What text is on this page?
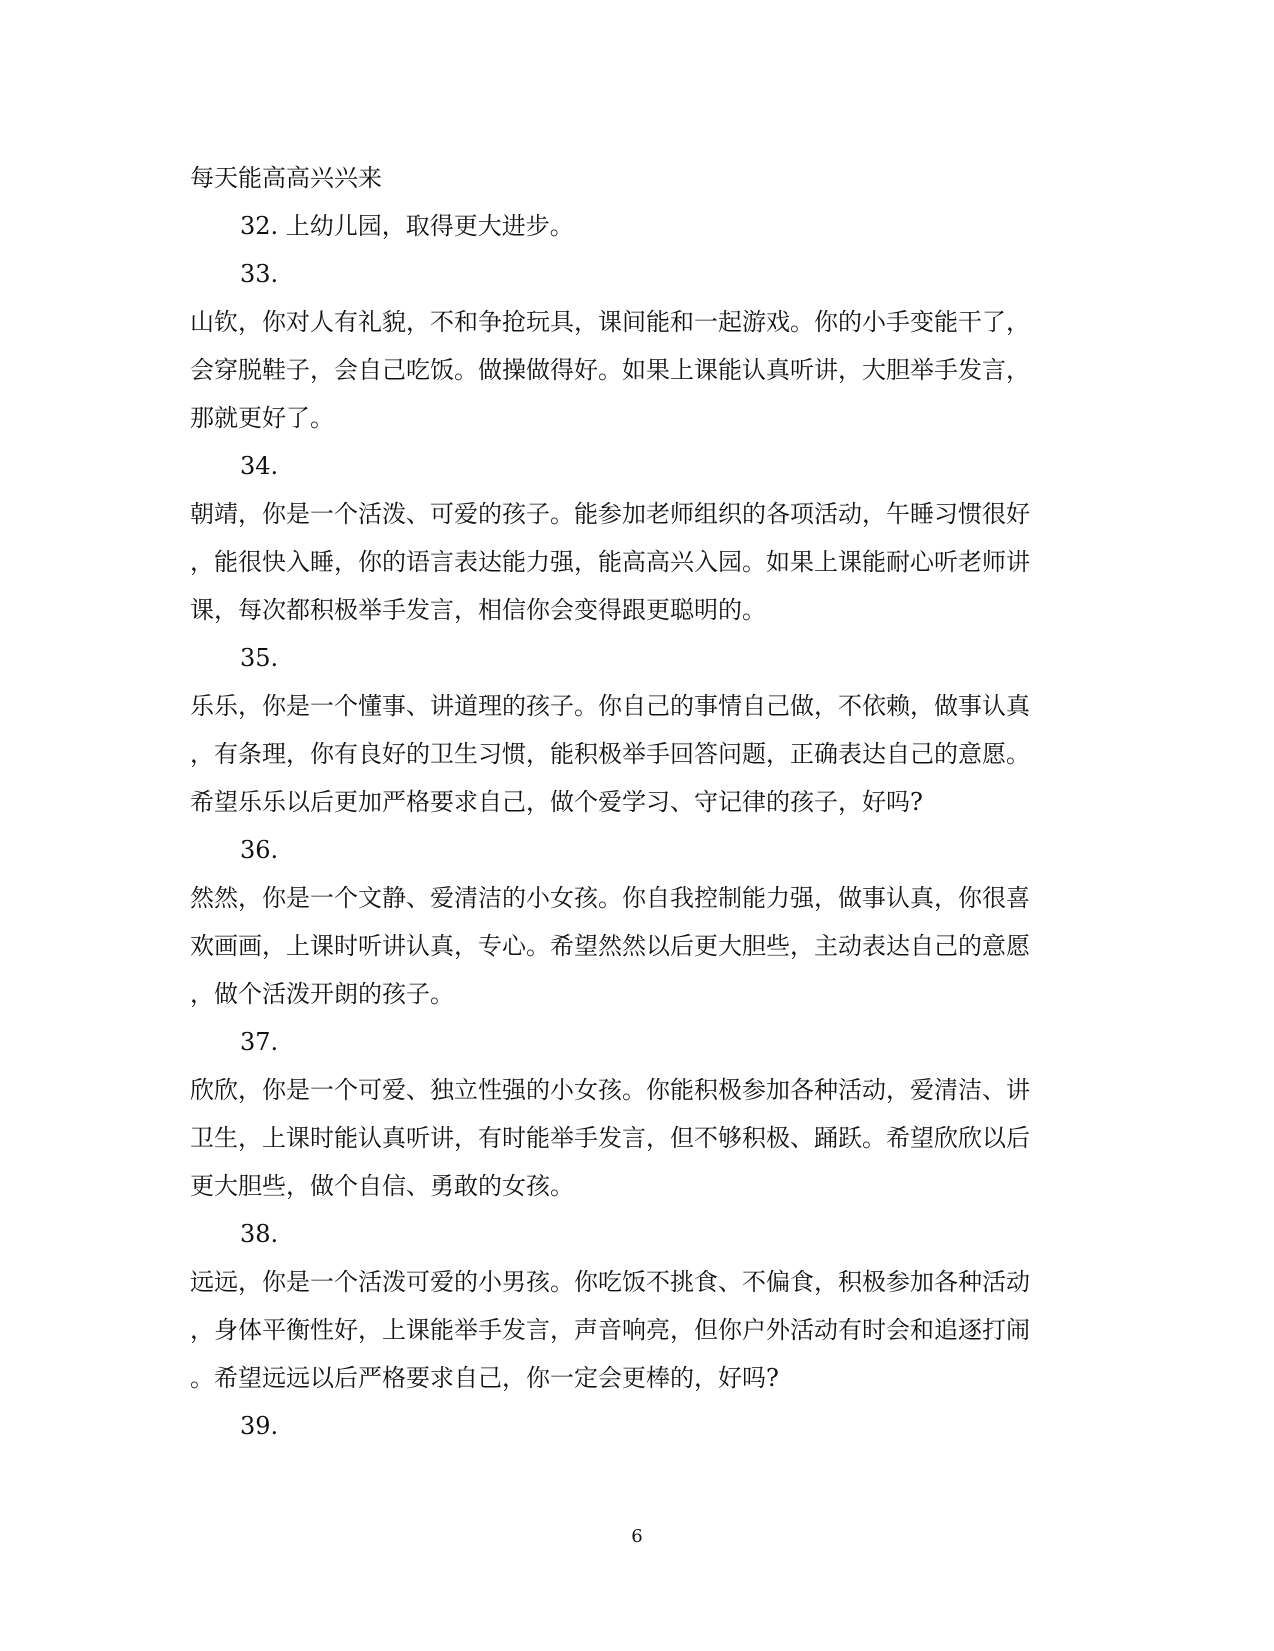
每天能高高兴兴来
32. 上幼儿园，取得更大进步。
33.
山钦，你对人有礼貌，不和争抢玩具，课间能和一起游戏。你的小手变能干了，
会穿脱鞋子，会自己吃饭。做操做得好。如果上课能认真听讲，大胆举手发言，
那就更好了。
34.
朝靖，你是一个活泼、可爱的孩子。能参加老师组织的各项活动，午睡习惯很好
，能很快入睡，你的语言表达能力强，能高高兴入园。如果上课能耐心听老师讲
课，每次都积极举手发言，相信你会变得跟更聪明的。
35.
乐乐，你是一个懂事、讲道理的孩子。你自己的事情自己做，不依赖，做事认真
，有条理，你有良好的卫生习惯，能积极举手回答问题，正确表达自己的意愿。
希望乐乐以后更加严格要求自己，做个爱学习、守记律的孩子，好吗?
36.
然然，你是一个文静、爱清洁的小女孩。你自我控制能力强，做事认真，你很喜
欢画画，上课时听讲认真，专心。希望然然以后更大胆些，主动表达自己的意愿
，做个活泼开朗的孩子。
37.
欣欣，你是一个可爱、独立性强的小女孩。你能积极参加各种活动，爱清洁、讲
卫生，上课时能认真听讲，有时能举手发言，但不够积极、踊跃。希望欣欣以后
更大胆些，做个自信、勇敢的女孩。
38.
远远，你是一个活泼可爱的小男孩。你吃饭不挑食、不偏食，积极参加各种活动
，身体平衡性好，上课能举手发言，声音响亮，但你户外活动有时会和追逐打闹
。希望远远以后严格要求自己，你一定会更棒的，好吗?
39.
6
